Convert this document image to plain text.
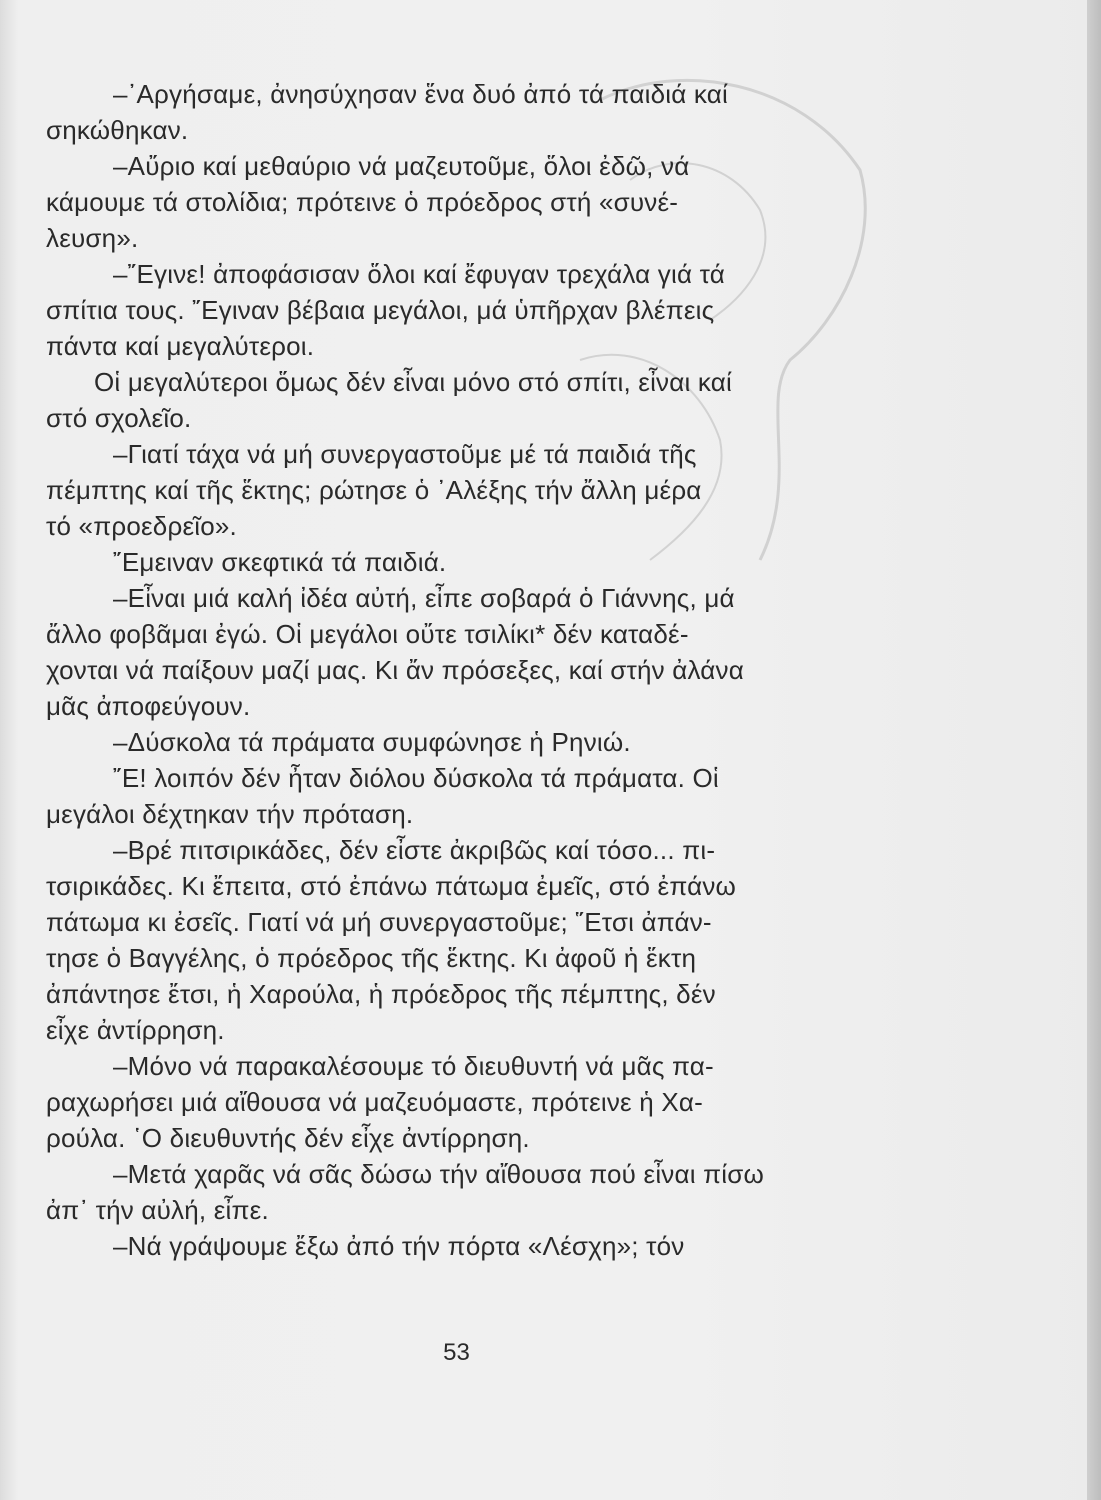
–᾽Αργήσαμε, ἀνησύχησαν ἕνα δυό ἀπό τά παιδιά καί
σηκώθηκαν.
–Αὔριο καί μεθαύριο νά μαζευτοῦμε, ὅλοι ἐδῶ, νά
κάμουμε τά στολίδια; πρότεινε ὁ πρόεδρος στή «συνέ-
λευση».
–῎Εγινε! ἀποφάσισαν ὅλοι καί ἔφυγαν τρεχάλα γιά τά
σπίτια τους. ῎Εγιναν βέβαια μεγάλοι, μά ὑπῆρχαν βλέπεις
πάντα καί μεγαλύτεροι.
Οἱ μεγαλύτεροι ὅμως δέν εἶναι μόνο στό σπίτι, εἶναι καί
στό σχολεῖο.
–Γιατί τάχα νά μή συνεργαστοῦμε μέ τά παιδιά τῆς
πέμπτης καί τῆς ἕκτης; ρώτησε ὁ ᾽Αλέξης τήν ἄλλη μέρα
τό «προεδρεῖο».
῎Εμειναν σκεφτικά τά παιδιά.
–Εἶναι μιά καλή ἰδέα αὐτή, εἶπε σοβαρά ὁ Γιάννης, μά
ἄλλο φοβᾶμαι ἐγώ. Οἱ μεγάλοι οὔτε τσιλίκι* δέν καταδέ-
χονται νά παίξουν μαζί μας. Κι ἄν πρόσεξες, καί στήν ἀλάνα
μᾶς ἀποφεύγουν.
–Δύσκολα τά πράματα συμφώνησε ἡ Ρηνιώ.
῎Ε! λοιπόν δέν ἦταν διόλου δύσκολα τά πράματα. Οἱ
μεγάλοι δέχτηκαν τήν πρόταση.
–Βρέ πιτσιρικάδες, δέν εἶστε ἀκριβῶς καί τόσο... πι-
τσιρικάδες. Κι ἔπειτα, στό ἐπάνω πάτωμα ἐμεῖς, στό ἐπάνω
πάτωμα κι ἐσεῖς. Γιατί νά μή συνεργαστοῦμε; ῞Ετσι ἀπάν-
τησε ὁ Βαγγέλης, ὁ πρόεδρος τῆς ἕκτης. Κι ἀφοῦ ἡ ἕκτη
ἀπάντησε ἔτσι, ἡ Χαρούλα, ἡ πρόεδρος τῆς πέμπτης, δέν
εἶχε ἀντίρρηση.
–Μόνο νά παρακαλέσουμε τό διευθυντή νά μᾶς πα-
ραχωρήσει μιά αἴθουσα νά μαζευόμαστε, πρότεινε ἡ Χα-
ρούλα. ῾Ο διευθυντής δέν εἶχε ἀντίρρηση.
–Μετά χαρᾶς νά σᾶς δώσω τήν αἴθουσα πού εἶναι πίσω
ἀπ᾽ τήν αὐλή, εἶπε.
–Νά γράψουμε ἔξω ἀπό τήν πόρτα «Λέσχη»; τόν
53
